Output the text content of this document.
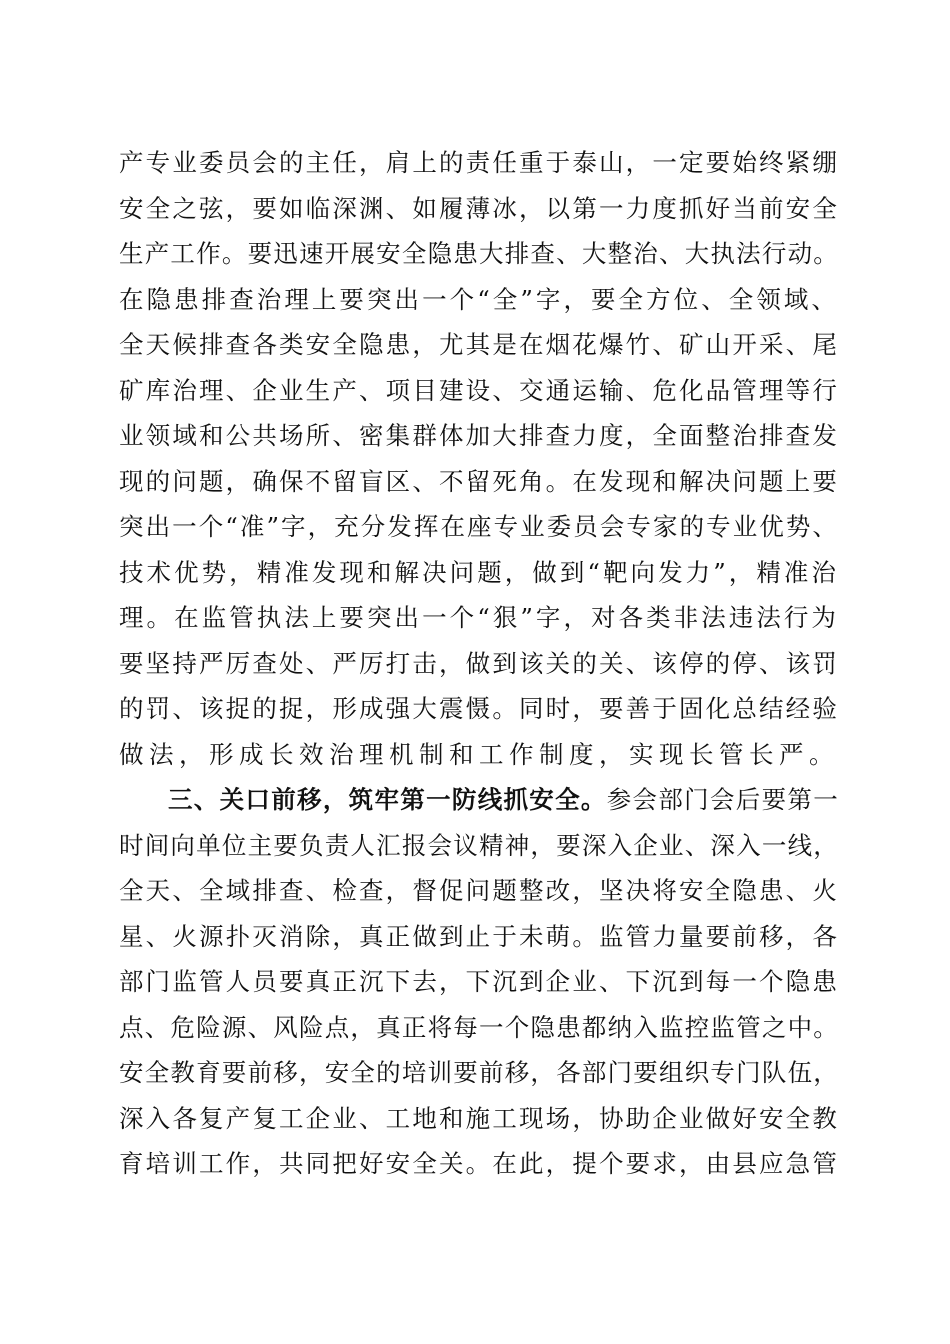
产专业委员会的主任，肩上的责任重于泰山，一定要始终紧绷
安全之弦，要如临深渊、如履薄冰，以第一力度抓好当前安全
生产工作。要迅速开展安全隐患大排查、大整治、大执法行动。
在隐患排查治理上要突出一个“全”字，要全方位、全领域、
全天候排查各类安全隐患，尤其是在烟花爆竹、矿山开采、尾
矿库治理、企业生产、项目建设、交通运输、危化品管理等行
业领域和公共场所、密集群体加大排查力度，全面整治排查发
现的问题，确保不留盲区、不留死角。在发现和解决问题上要
突出一个“准”字，充分发挥在座专业委员会专家的专业优势、
技术优势，精准发现和解决问题，做到“靶向发力”，精准治
理。在监管执法上要突出一个“狠”字，对各类非法违法行为
要坚持严厉查处、严厉打击，做到该关的关、该停的停、该罚
的罚、该捉的捉，形成强大震慑。同时，要善于固化总结经验
做法，形成长效治理机制和工作制度，实现长管长严。
三、关口前移，筑牢第一防线抓安全。参会部门会后要第一
时间向单位主要负责人汇报会议精神，要深入企业、深入一线，
全天、全域排查、检查，督促问题整改，坚决将安全隐患、火
星、火源扑灭消除，真正做到止于未萌。监管力量要前移，各
部门监管人员要真正沉下去，下沉到企业、下沉到每一个隐患
点、危险源、风险点，真正将每一个隐患都纳入监控监管之中。
安全教育要前移，安全的培训要前移，各部门要组织专门队伍，
深入各复产复工企业、工地和施工现场，协助企业做好安全教
育培训工作，共同把好安全关。在此，提个要求，由县应急管
